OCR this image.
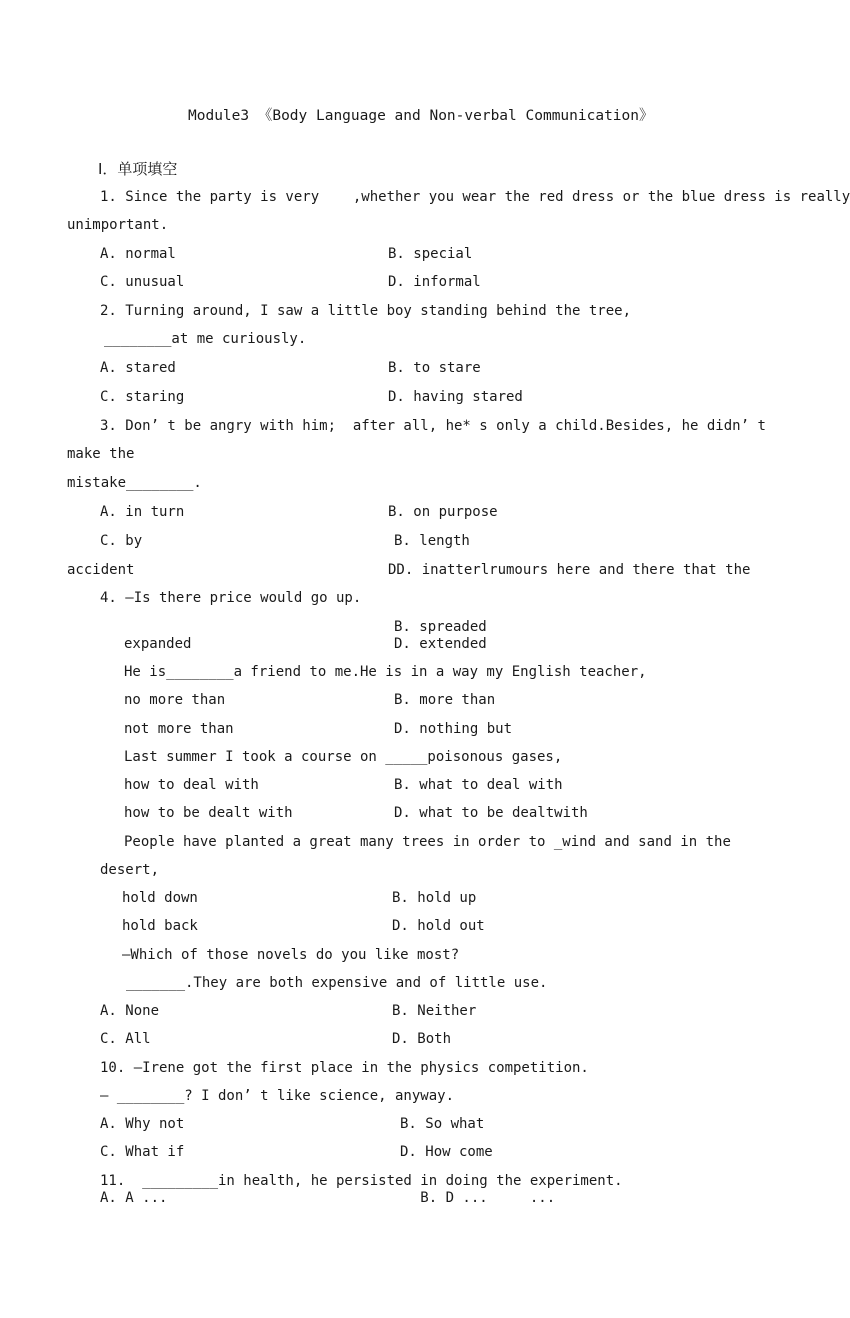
Module3 《Body Language and Non-verbal Communication》
Ⅰ．单项填空
1. Since the party is very    ,whether you wear the red dress or the blue dress is really
unimportant.
A. normal	B. special
C. unusual	D. informal
2. Turning around, I saw a little boy standing behind the tree,
________at me curiously.
A. stared	B. to stare
C. staring	D. having stared
3. Don’ t be angry with him;  after all, he* s only a child.Besides, he didn’ t
make the
mistake________.
A. in turn	B. on purpose
C. by	B. length
accident	DD. inatterlrumours here and there that the
4. —Is there price would go up.
B. spreaded
expanded	D. extended
He is________a friend to me.He is in a way my English teacher,
no more than	B. more than
not more than	D. nothing but
Last summer I took a course on _____poisonous gases,
how to deal with	B. what to deal with
how to be dealt with	D. what to be dealtwith
People have planted a great many trees in order to _wind and sand in the
desert,
hold down	B. hold up
hold back	D. hold out
—Which of those novels do you like most?
_______.They are both expensive and of little use.
A. None	B. Neither
C. All	D. Both
10. —Irene got the first place in the physics competition.
— ________? I don’ t like science, anyway.
A. Why not	B. So what
C. What if	D. How come
11.  _________in health, he persisted in doing the experiment.
A. A ...                              B. D ...     ...
